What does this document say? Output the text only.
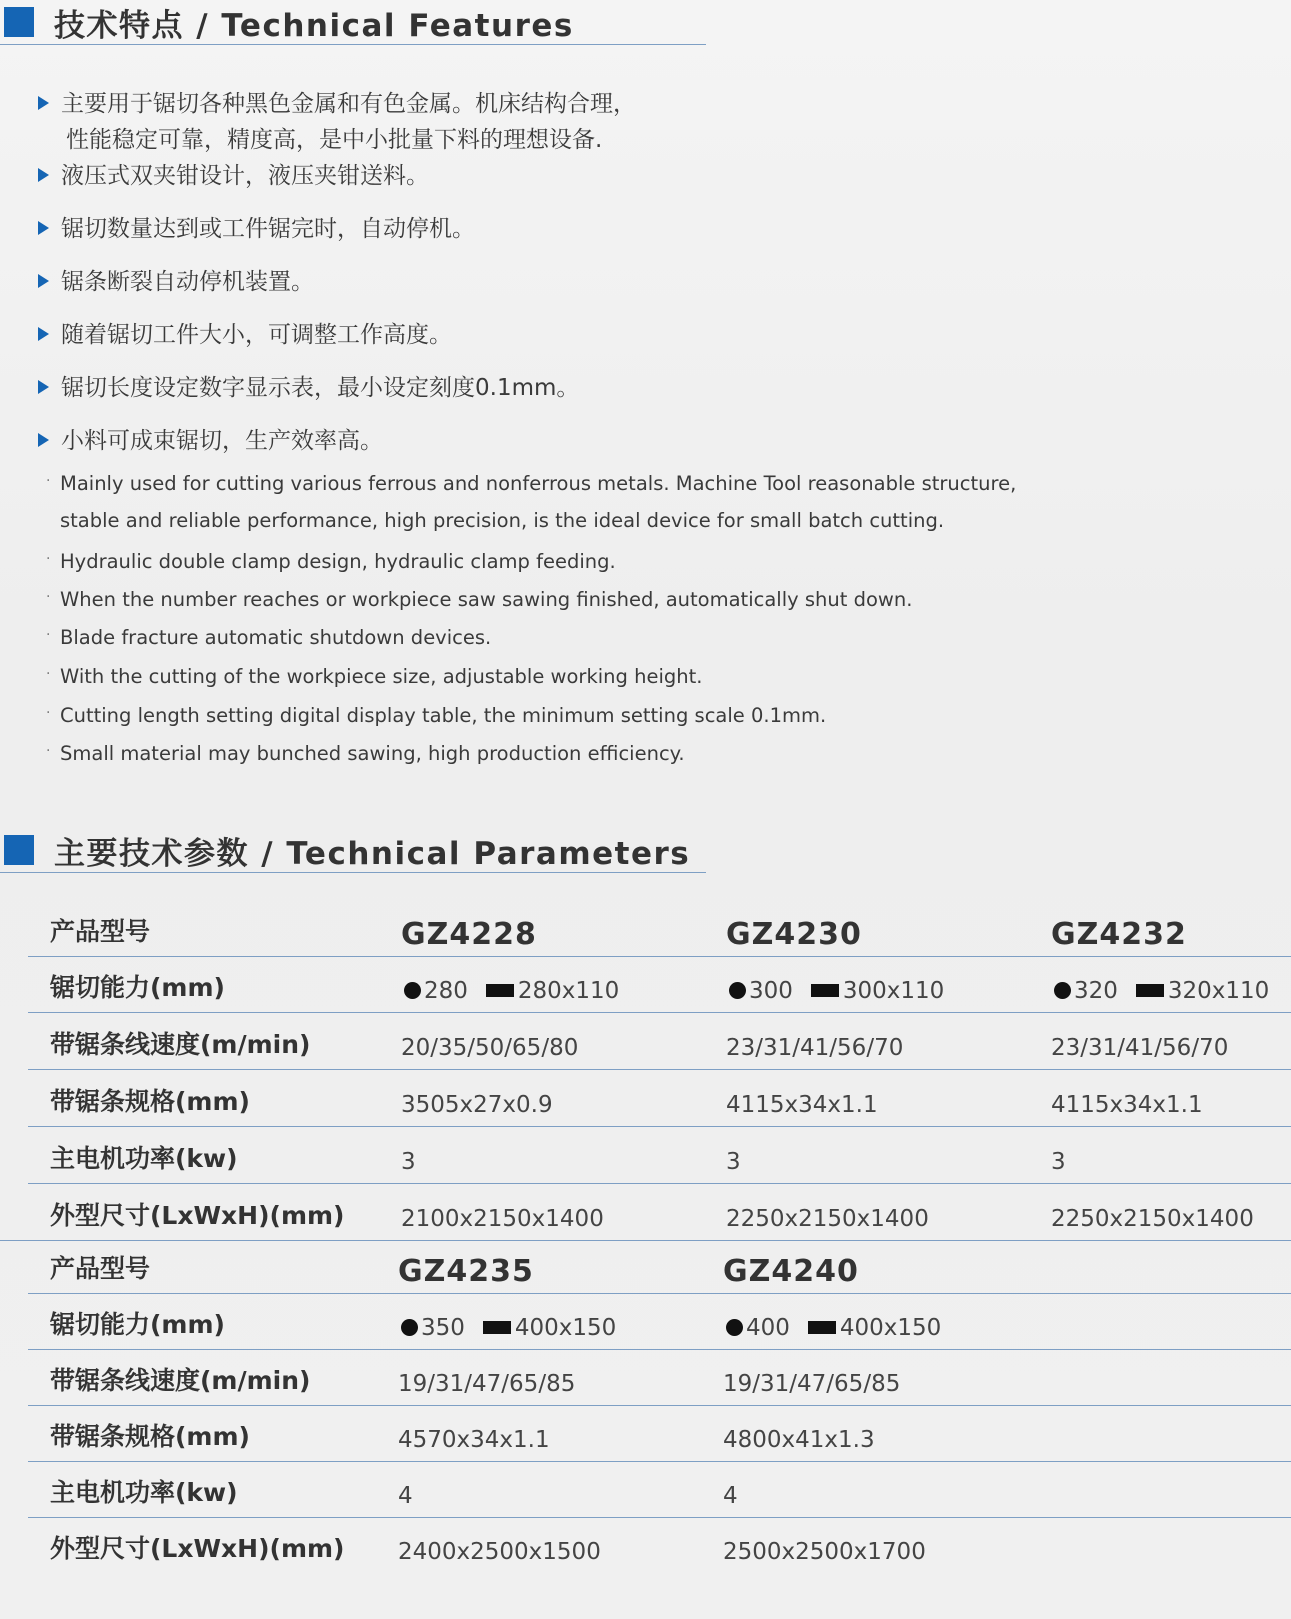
技术特点 / Technical Features
主要用于锯切各种黑色金属和有色金属。机床结构合理，
性能稳定可靠，精度高，是中小批量下料的理想设备.
液压式双夹钳设计，液压夹钳送料。
锯切数量达到或工件锯完时，自动停机。
锯条断裂自动停机装置。
随着锯切工件大小，可调整工作高度。
锯切长度设定数字显示表，最小设定刻度0.1mm。
小料可成束锯切，生产效率高。
· Mainly used for cutting various ferrous and nonferrous metals. Machine Tool reasonable structure,
stable and reliable performance, high precision, is the ideal device for small batch cutting.
· Hydraulic double clamp design, hydraulic clamp feeding.
· When the number reaches or workpiece saw sawing finished, automatically shut down.
· Blade fracture automatic shutdown devices.
· With the cutting of the workpiece size, adjustable working height.
· Cutting length setting digital display table, the minimum setting scale 0.1mm.
· Small material may bunched sawing, high production efficiency.
主要技术参数 / Technical Parameters
产品型号	GZ4228	GZ4230	GZ4232
锯切能力(mm)	280 280x110	300 300x110	320 320x110
带锯条线速度(m/min)	20/35/50/65/80	23/31/41/56/70	23/31/41/56/70
带锯条规格(mm)	3505x27x0.9	4115x34x1.1	4115x34x1.1
主电机功率(kw)	3	3	3
外型尺寸(LxWxH)(mm) 2100x2150x1400	2250x2150x1400	2250x2150x1400
产品型号	GZ4235	GZ4240
锯切能力(mm)	350 400x150	400 400x150
带锯条线速度(m/min)	19/31/47/65/85	19/31/47/65/85
带锯条规格(mm)	4570x34x1.1	4800x41x1.3
主电机功率(kw)	4	4
外型尺寸(LxWxH)(mm) 2400x2500x1500	2500x2500x1700
